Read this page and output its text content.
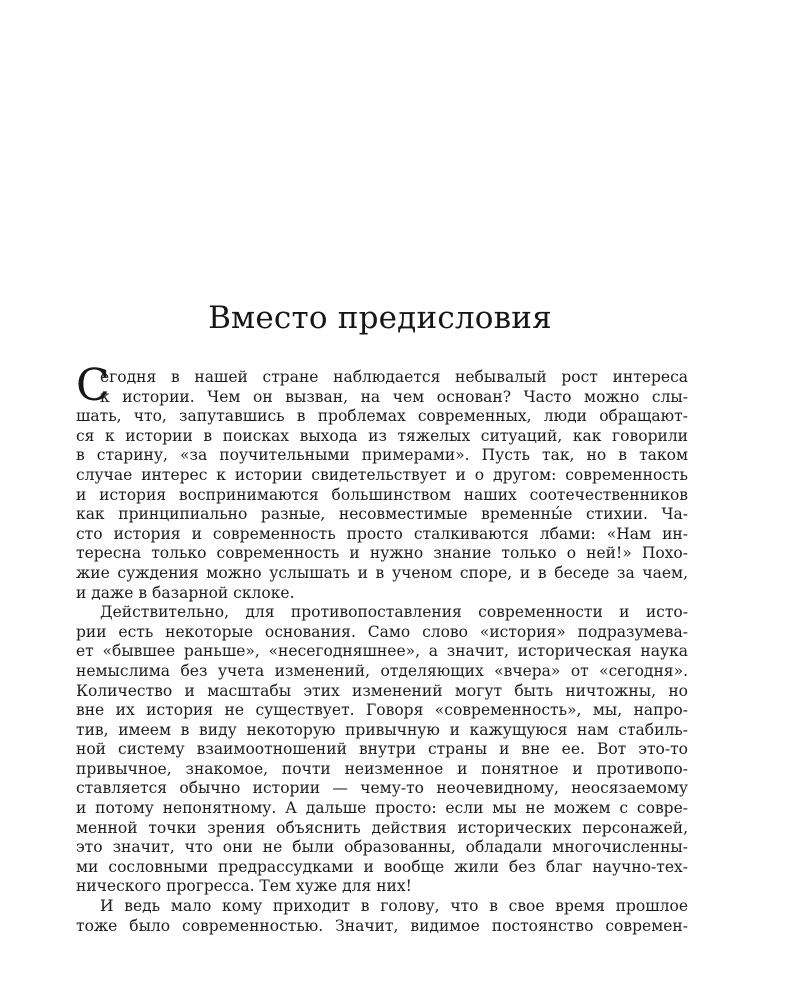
Вместо предисловия
С
егодня в нашей стране наблюдается небывалый рост интереса
к истории. Чем он вызван, на чем основан? Часто можно слы-
шать, что, запутавшись в проблемах современных, люди обращают-
ся к истории в поисках выхода из тяжелых ситуаций, как говорили
в старину, «за поучительными примерами». Пусть так, но в таком
случае интерес к истории свидетельствует и о другом: современность
и история воспринимаются большинством наших соотечественников
как принципиально разные, несовместимые временны́е стихии. Ча-
сто история и современность просто сталкиваются лбами: «Нам ин-
тересна только современность и нужно знание только о ней!» Похо-
жие суждения можно услышать и в ученом споре, и в беседе за чаем,
и даже в базарной склоке.
Действительно, для противопоставления современности и исто-
рии есть некоторые основания. Само слово «история» подразумева-
ет «бывшее раньше», «несегодняшнее», а значит, историческая наука
немыслима без учета изменений, отделяющих «вчера» от «сегодня».
Количество и масштабы этих изменений могут быть ничтожны, но
вне их история не существует. Говоря «современность», мы, напро-
тив, имеем в виду некоторую привычную и кажущуюся нам стабиль-
ной систему взаимоотношений внутри страны и вне ее. Вот это-то
привычное, знакомое, почти неизменное и понятное и противопо-
ставляется обычно истории — чему-то неочевидному, неосязаемому
и потому непонятному. А дальше просто: если мы не можем с совре-
менной точки зрения объяснить действия исторических персонажей,
это значит, что они не были образованны, обладали многочисленны-
ми сословными предрассудками и вообще жили без благ научно-тех-
нического прогресса. Тем хуже для них!
И ведь мало кому приходит в голову, что в свое время прошлое
тоже было современностью. Значит, видимое постоянство современ-
